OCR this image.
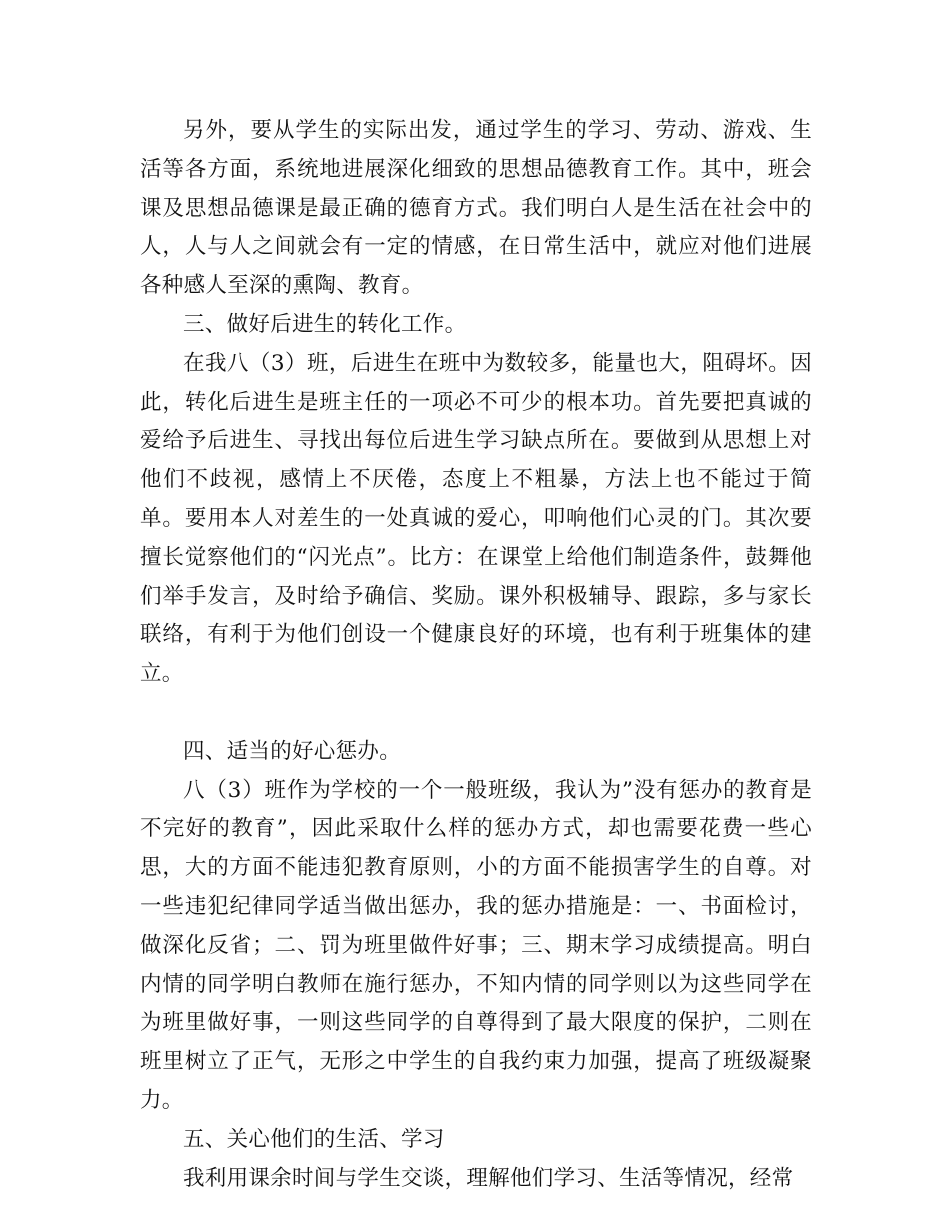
另外，要从学生的实际出发，通过学生的学习、劳动、游戏、生活等各方面，系统地进展深化细致的思想品德教育工作。其中，班会课及思想品德课是最正确的德育方式。我们明白人是生活在社会中的人，人与人之间就会有一定的情感，在日常生活中，就应对他们进展各种感人至深的熏陶、教育。

三、做好后进生的转化工作。

在我八（3）班，后进生在班中为数较多，能量也大，阻碍坏。因此，转化后进生是班主任的一项必不可少的根本功。首先要把真诚的爱给予后进生、寻找出每位后进生学习缺点所在。要做到从思想上对他们不歧视，感情上不厌倦，态度上不粗暴，方法上也不能过于简单。要用本人对差生的一处真诚的爱心，叩响他们心灵的门。其次要擅长觉察他们的“闪光点”。比方：在课堂上给他们制造条件，鼓舞他们举手发言，及时给予确信、奖励。课外积极辅导、跟踪，多与家长联络，有利于为他们创设一个健康良好的环境，也有利于班集体的建立。

四、适当的好心惩办。

八（3）班作为学校的一个一般班级，我认为”没有惩办的教育是不完好的教育”，因此采取什么样的惩办方式，却也需要花费一些心思，大的方面不能违犯教育原则，小的方面不能损害学生的自尊。对一些违犯纪律同学适当做出惩办，我的惩办措施是：一、书面检讨，做深化反省；二、罚为班里做件好事；三、期末学习成绩提高。明白内情的同学明白教师在施行惩办，不知内情的同学则以为这些同学在为班里做好事，一则这些同学的自尊得到了最大限度的保护，二则在班里树立了正气，无形之中学生的自我约束力加强，提高了班级凝聚力。

五、关心他们的生活、学习

我利用课余时间与学生交谈，理解他们学习、生活等情况，经常
